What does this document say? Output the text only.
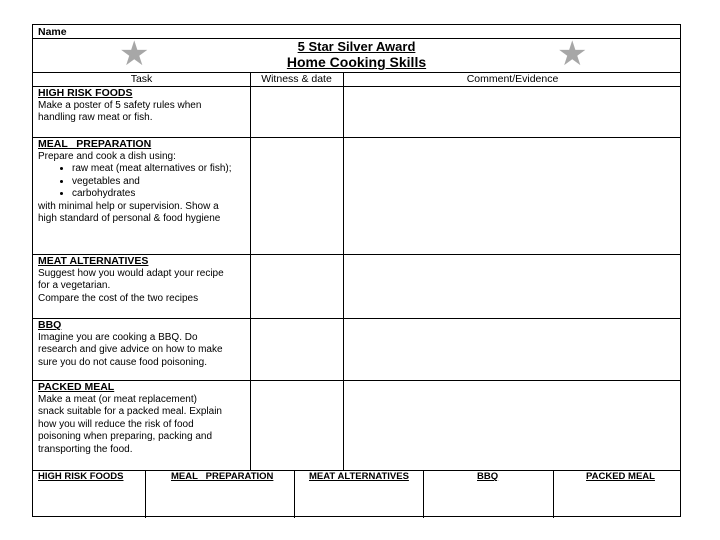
Name
★	★
5 Star Silver Award
Home Cooking Skills
Task	Witness & date	Comment/Evidence
HIGH RISK FOODS
Make a poster of 5 safety rules when
handling raw meat or fish.
MEAL   PREPARATION
Prepare and cook a dish using:
• raw meat (meat alternatives or fish);
• vegetables and
• carbohydrates
with minimal help or supervision. Show a
high standard of personal & food hygiene
MEAT ALTERNATIVES
Suggest how you would adapt your recipe
for a vegetarian.
Compare the cost of the two recipes
BBQ
Imagine you are cooking a BBQ. Do
research and give advice on how to make
sure you do not cause food poisoning.
PACKED MEAL
Make a meat (or meat replacement)
snack suitable for a packed meal. Explain
how you will reduce the risk of food
poisoning when preparing, packing and
transporting the food.
HIGH RISK FOODS	MEAL   PREPARATION	MEAT ALTERNATIVES	BBQ	PACKED MEAL
